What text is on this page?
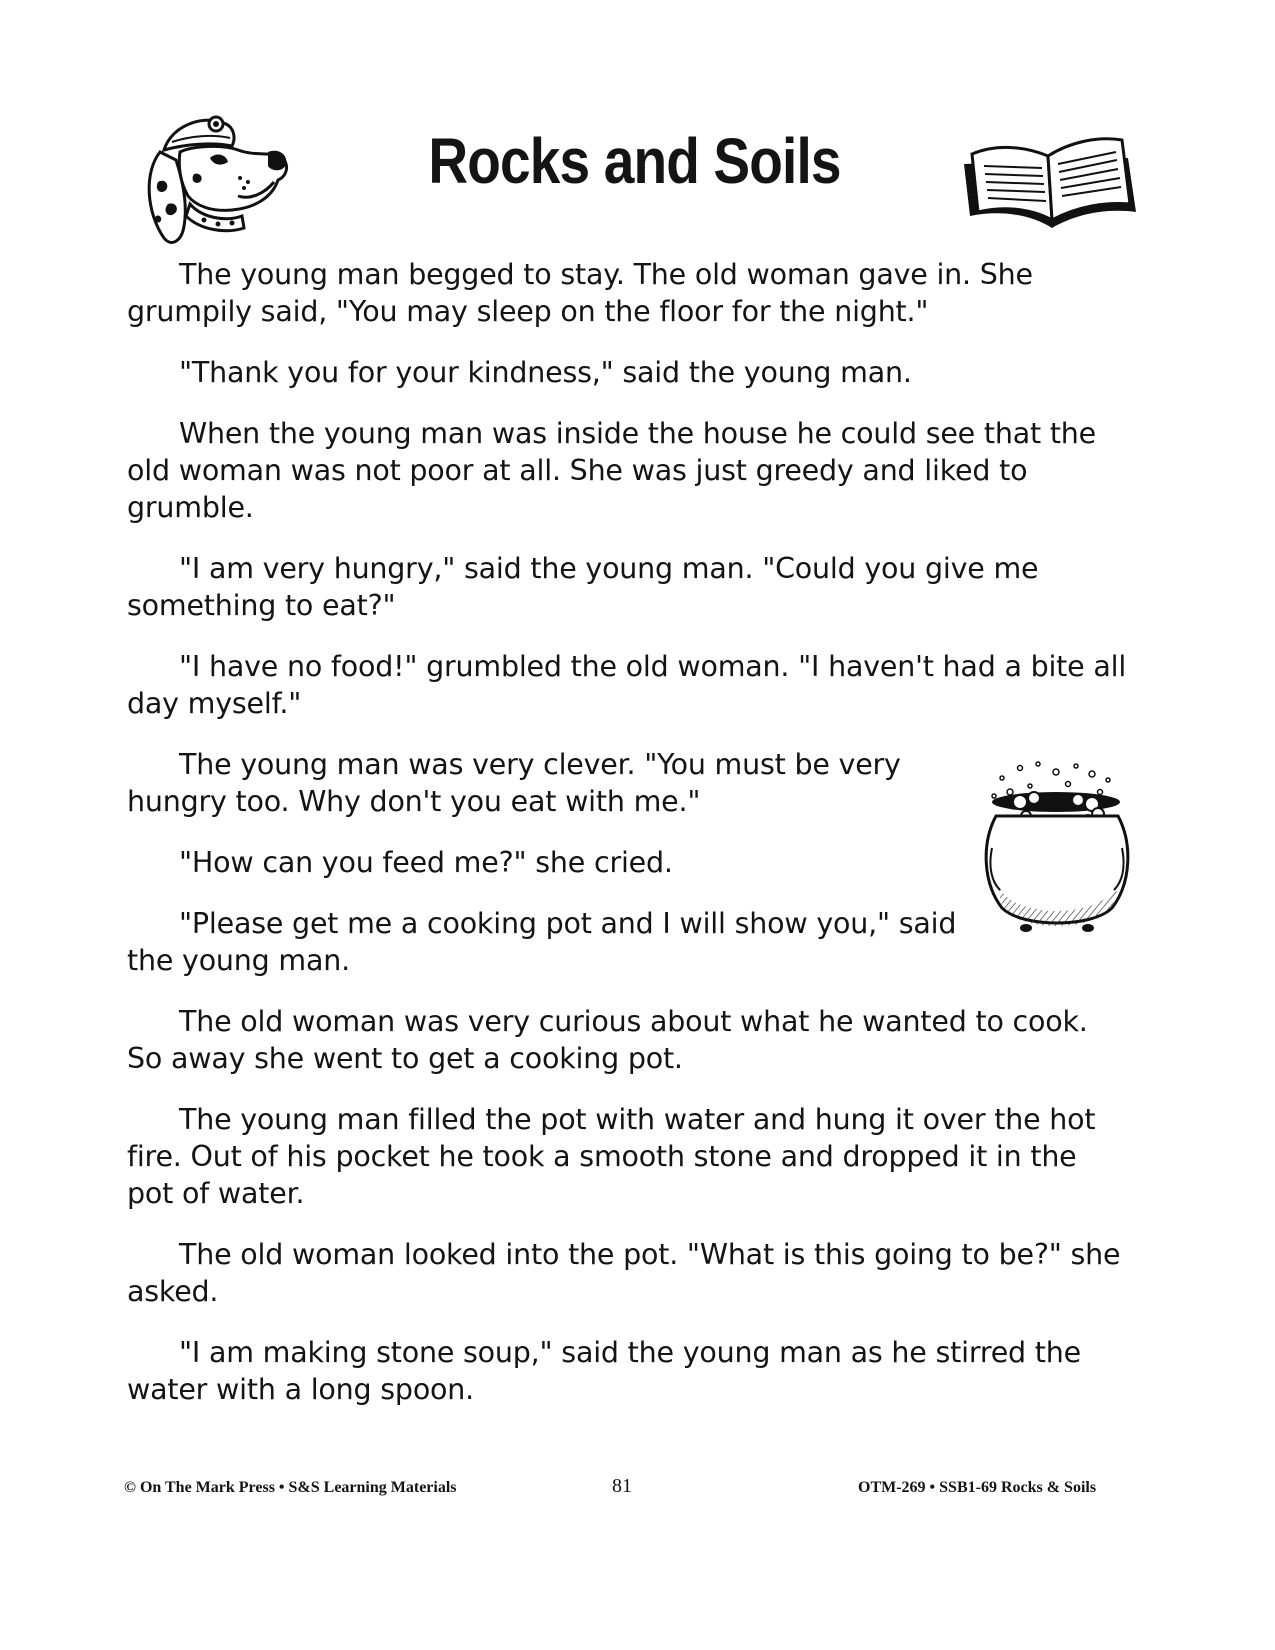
Rocks and Soils

The young man begged to stay. The old woman gave in. She grumpily said, "You may sleep on the floor for the night."

"Thank you for your kindness," said the young man.

When the young man was inside the house he could see that the old woman was not poor at all. She was just greedy and liked to grumble.

"I am very hungry," said the young man. "Could you give me something to eat?"

"I have no food!" grumbled the old woman. "I haven't had a bite all day myself."

The young man was very clever. "You must be very hungry too. Why don't you eat with me."

"How can you feed me?" she cried.

"Please get me a cooking pot and I will show you," said the young man.

The old woman was very curious about what he wanted to cook. So away she went to get a cooking pot.

The young man filled the pot with water and hung it over the hot fire. Out of his pocket he took a smooth stone and dropped it in the pot of water.

The old woman looked into the pot. "What is this going to be?" she asked.

"I am making stone soup," said the young man as he stirred the water with a long spoon.

© On The Mark Press • S&S Learning Materials	81	OTM-269 • SSB1-69 Rocks & Soils
